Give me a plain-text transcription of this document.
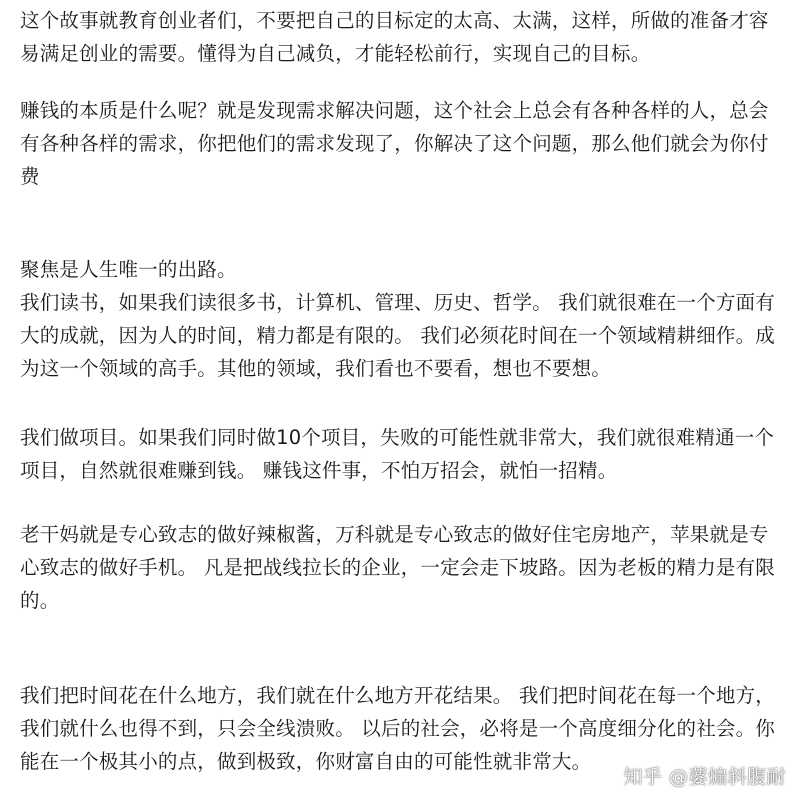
这个故事就教育创业者们，不要把自己的目标定的太高、太满，这样，所做的准备才容易满足创业的需要。懂得为自己减负，才能轻松前行，实现自己的目标。

赚钱的本质是什么呢？就是发现需求解决问题，这个社会上总会有各种各样的人，总会有各种各样的需求，你把他们的需求发现了，你解决了这个问题，那么他们就会为你付费

聚焦是人生唯一的出路。

我们读书，如果我们读很多书，计算机、管理、历史、哲学。 我们就很难在一个方面有大的成就，因为人的时间，精力都是有限的。 我们必须花时间在一个领域精耕细作。成为这一个领域的高手。其他的领域，我们看也不要看，想也不要想。

我们做项目。如果我们同时做10个项目，失败的可能性就非常大，我们就很难精通一个项目，自然就很难赚到钱。 赚钱这件事，不怕万招会，就怕一招精。

老干妈就是专心致志的做好辣椒酱，万科就是专心致志的做好住宅房地产，苹果就是专心致志的做好手机。 凡是把战线拉长的企业，一定会走下坡路。因为老板的精力是有限的。

我们把时间花在什么地方，我们就在什么地方开花结果。 我们把时间花在每一个地方，我们就什么也得不到，只会全线溃败。 以后的社会，必将是一个高度细分化的社会。你能在一个极其小的点，做到极致，你财富自由的可能性就非常大。

知乎 @蔢煽斜腹耐
